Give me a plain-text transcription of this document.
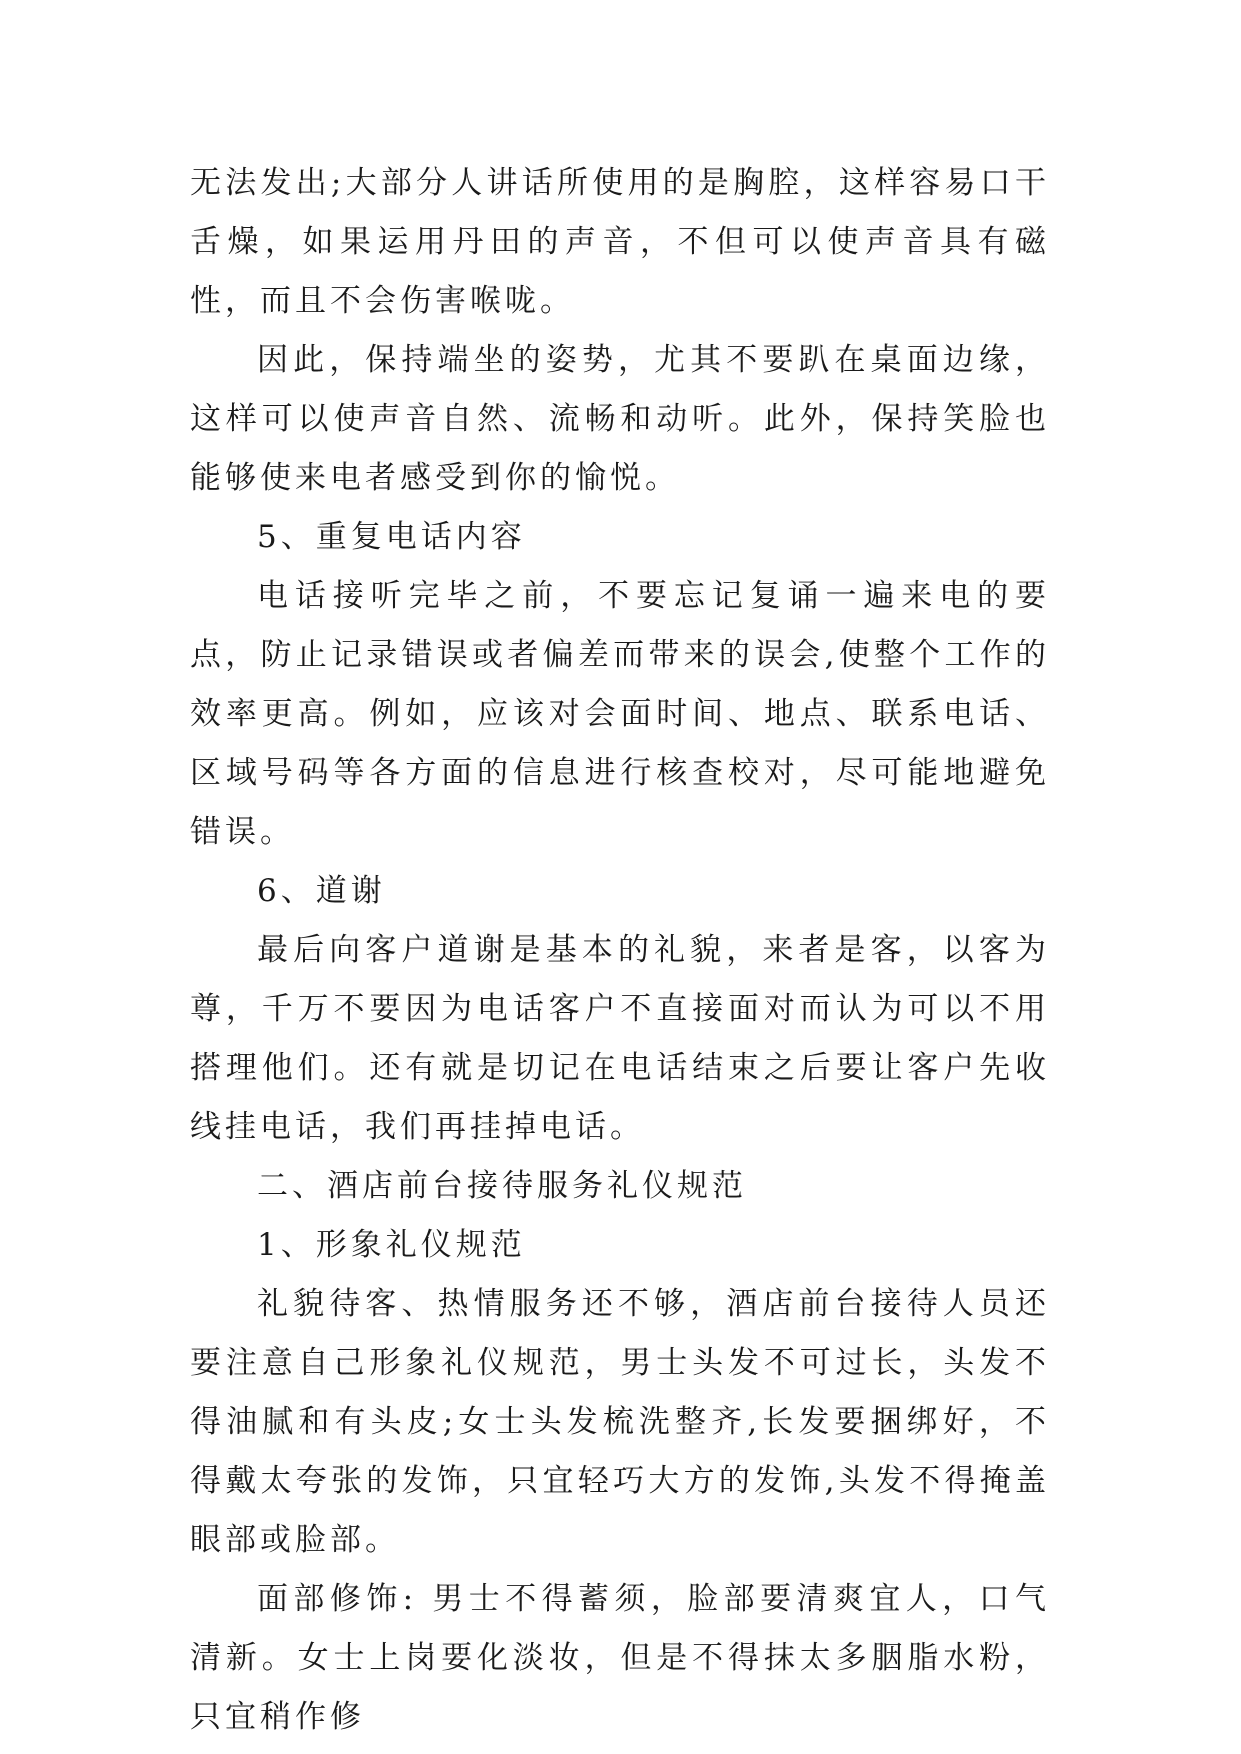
无法发出;大部分人讲话所使用的是胸腔，这样容易口干舌燥，如果运用丹田的声音，不但可以使声音具有磁性，而且不会伤害喉咙。

因此，保持端坐的姿势，尤其不要趴在桌面边缘，这样可以使声音自然、流畅和动听。此外，保持笑脸也能够使来电者感受到你的愉悦。

5、重复电话内容

电话接听完毕之前，不要忘记复诵一遍来电的要点，防止记录错误或者偏差而带来的误会,使整个工作的效率更高。例如，应该对会面时间、地点、联系电话、区域号码等各方面的信息进行核查校对，尽可能地避免错误。

6、道谢

最后向客户道谢是基本的礼貌，来者是客，以客为尊，千万不要因为电话客户不直接面对而认为可以不用搭理他们。还有就是切记在电话结束之后要让客户先收线挂电话，我们再挂掉电话。

二、酒店前台接待服务礼仪规范

1、形象礼仪规范

礼貌待客、热情服务还不够，酒店前台接待人员还要注意自己形象礼仪规范，男士头发不可过长，头发不得油腻和有头皮;女士头发梳洗整齐,长发要捆绑好，不得戴太夸张的发饰，只宜轻巧大方的发饰,头发不得掩盖眼部或脸部。

面部修饰: 男士不得蓄须，脸部要清爽宜人，口气清新。女士上岗要化淡妆，但是不得抹太多胭脂水粉，只宜稍作修
